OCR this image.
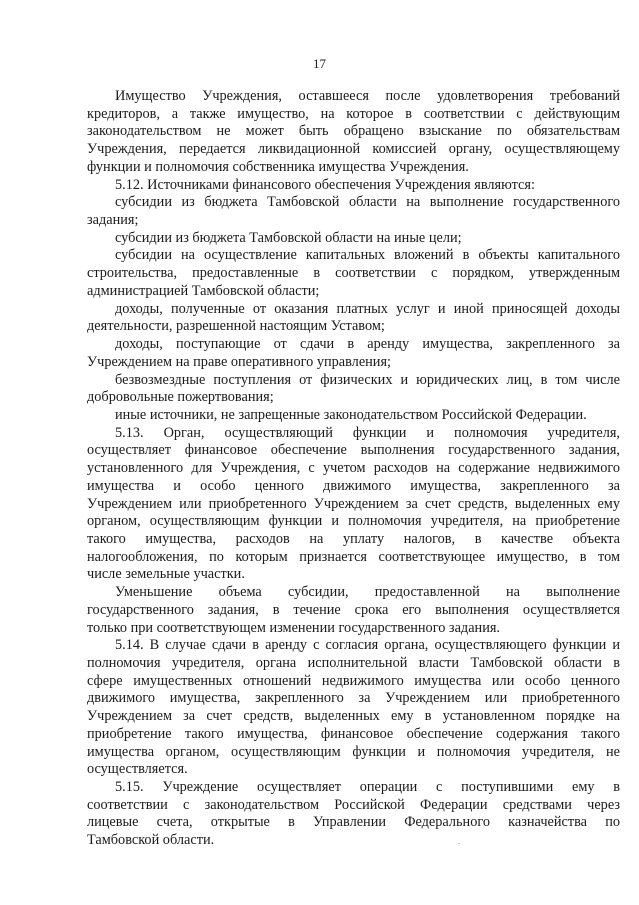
17
Имущество Учреждения, оставшееся после удовлетворения требований
кредиторов, а также имущество, на которое в соответствии с действующим
законодательством не может быть обращено взыскание по обязательствам
Учреждения, передается ликвидационной комиссией органу, осуществляющему
функции и полномочия собственника имущества Учреждения.
5.12. Источниками финансового обеспечения Учреждения являются:
субсидии из бюджета Тамбовской области на выполнение государственного
задания;
субсидии из бюджета Тамбовской области на иные цели;
субсидии на осуществление капитальных вложений в объекты капитального
строительства, предоставленные в соответствии с порядком, утвержденным
администрацией Тамбовской области;
доходы, полученные от оказания платных услуг и иной приносящей доходы
деятельности, разрешенной настоящим Уставом;
доходы, поступающие от сдачи в аренду имущества, закрепленного за
Учреждением на праве оперативного управления;
безвозмездные поступления от физических и юридических лиц, в том числе
добровольные пожертвования;
иные источники, не запрещенные законодательством Российской Федерации.
5.13. Орган, осуществляющий функции и полномочия учредителя,
осуществляет финансовое обеспечение выполнения государственного задания,
установленного для Учреждения, с учетом расходов на содержание недвижимого
имущества и особо ценного движимого имущества, закрепленного за
Учреждением или приобретенного Учреждением за счет средств, выделенных ему
органом, осуществляющим функции и полномочия учредителя, на приобретение
такого имущества, расходов на уплату налогов, в качестве объекта
налогообложения, по которым признается соответствующее имущество, в том
числе земельные участки.
Уменьшение объема субсидии, предоставленной на выполнение
государственного задания, в течение срока его выполнения осуществляется
только при соответствующем изменении государственного задания.
5.14. В случае сдачи в аренду с согласия органа, осуществляющего функции и
полномочия учредителя, органа исполнительной власти Тамбовской области в
сфере имущественных отношений недвижимого имущества или особо ценного
движимого имущества, закрепленного за Учреждением или приобретенного
Учреждением за счет средств, выделенных ему в установленном порядке на
приобретение такого имущества, финансовое обеспечение содержания такого
имущества органом, осуществляющим функции и полномочия учредителя, не
осуществляется.
5.15. Учреждение осуществляет операции с поступившими ему в
соответствии с законодательством Российской Федерации средствами через
лицевые счета, открытые в Управлении Федерального казначейства по
Тамбовской области.
